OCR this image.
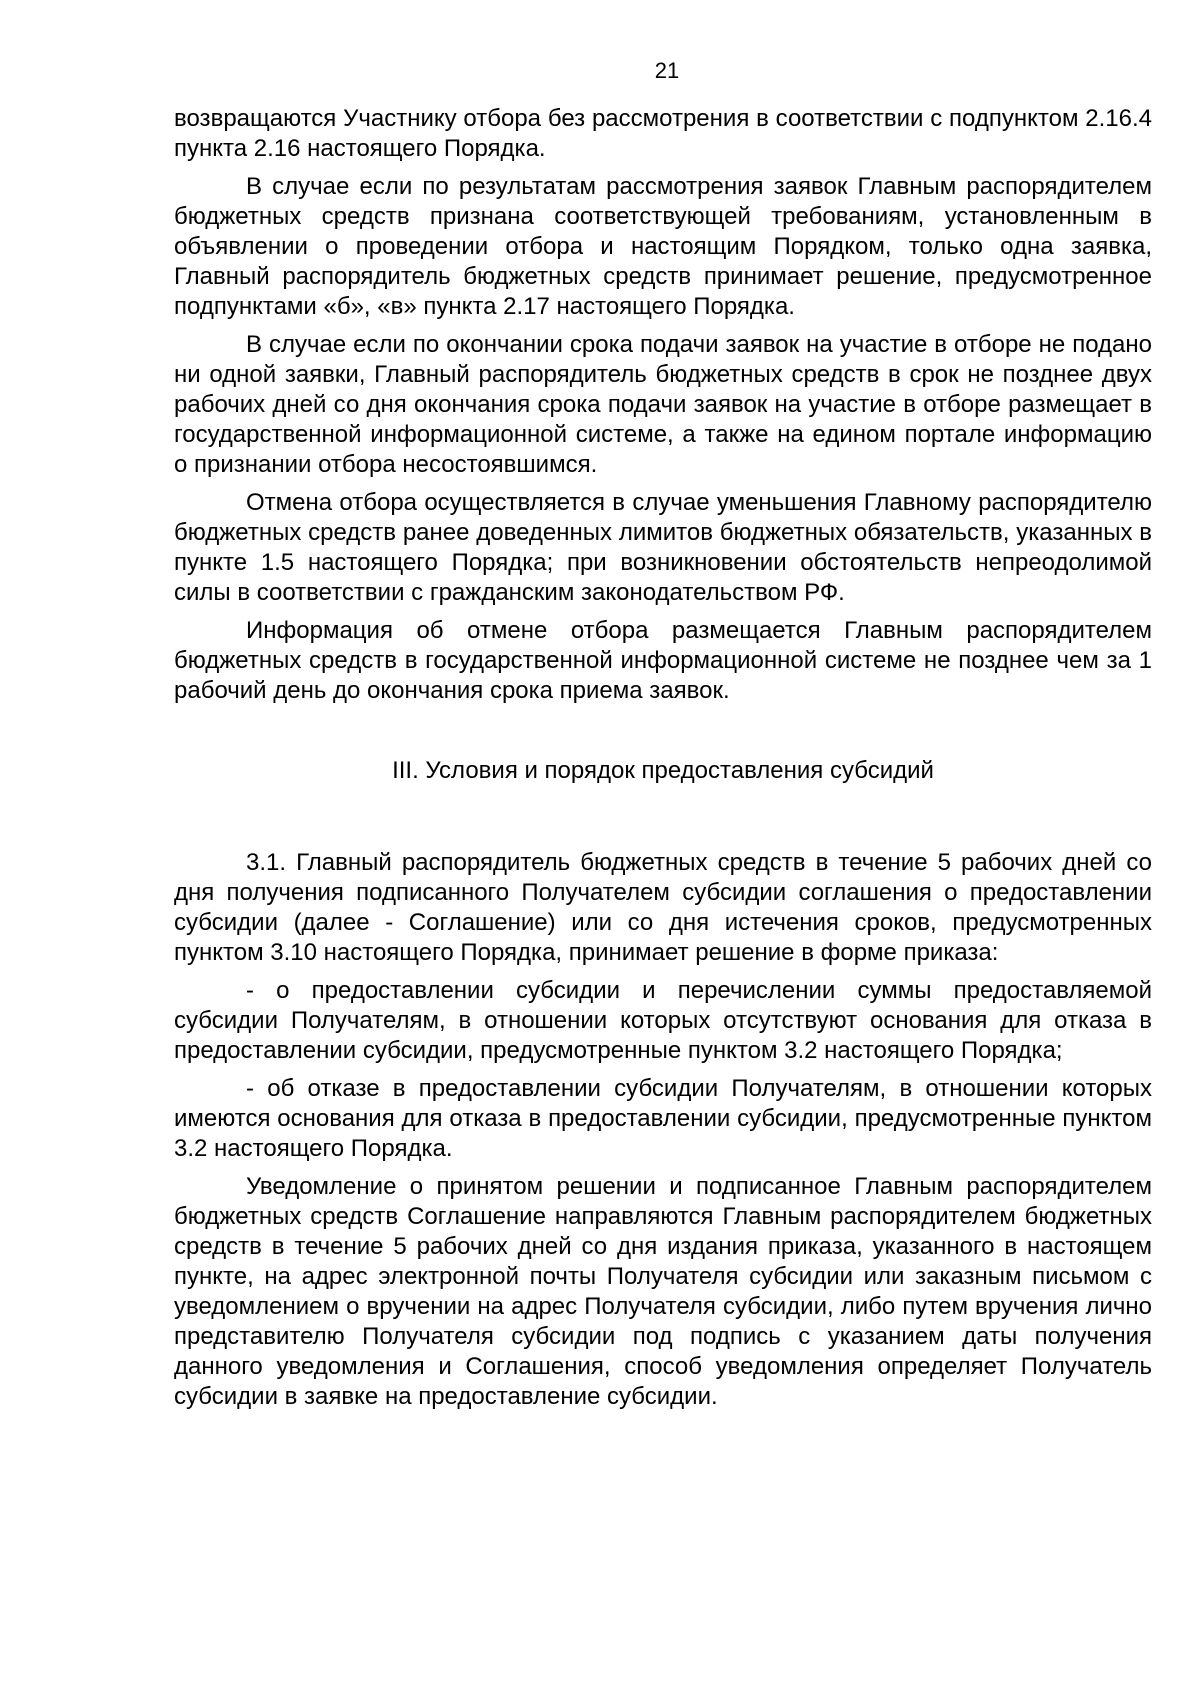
21

возвращаются Участнику отбора без рассмотрения в соответствии с подпунктом 2.16.4 пункта 2.16 настоящего Порядка.

В случае если по результатам рассмотрения заявок Главным распорядителем бюджетных средств признана соответствующей требованиям, установленным в объявлении о проведении отбора и настоящим Порядком, только одна заявка, Главный распорядитель бюджетных средств принимает решение, предусмотренное подпунктами «б», «в» пункта 2.17 настоящего Порядка.

В случае если по окончании срока подачи заявок на участие в отборе не подано ни одной заявки, Главный распорядитель бюджетных средств в срок не позднее двух рабочих дней со дня окончания срока подачи заявок на участие в отборе размещает в государственной информационной системе, а также на едином портале информацию о признании отбора несостоявшимся.

Отмена отбора осуществляется в случае уменьшения Главному распорядителю бюджетных средств ранее доведенных лимитов бюджетных обязательств, указанных в пункте 1.5 настоящего Порядка; при возникновении обстоятельств непреодолимой силы в соответствии с гражданским законодательством РФ.

Информация об отмене отбора размещается Главным распорядителем бюджетных средств в государственной информационной системе не позднее чем за 1 рабочий день до окончания срока приема заявок.

III. Условия и порядок предоставления субсидий

3.1. Главный распорядитель бюджетных средств в течение 5 рабочих дней со дня получения подписанного Получателем субсидии соглашения о предоставлении субсидии (далее - Соглашение) или со дня истечения сроков, предусмотренных пунктом 3.10 настоящего Порядка, принимает решение в форме приказа:

- о предоставлении субсидии и перечислении суммы предоставляемой субсидии Получателям, в отношении которых отсутствуют основания для отказа в предоставлении субсидии, предусмотренные пунктом 3.2 настоящего Порядка;

- об отказе в предоставлении субсидии Получателям, в отношении которых имеются основания для отказа в предоставлении субсидии, предусмотренные пунктом 3.2 настоящего Порядка.

Уведомление о принятом решении и подписанное Главным распорядителем бюджетных средств Соглашение направляются Главным распорядителем бюджетных средств в течение 5 рабочих дней со дня издания приказа, указанного в настоящем пункте, на адрес электронной почты Получателя субсидии или заказным письмом с уведомлением о вручении на адрес Получателя субсидии, либо путем вручения лично представителю Получателя субсидии под подпись с указанием даты получения данного уведомления и Соглашения, способ уведомления определяет Получатель субсидии в заявке на предоставление субсидии.
